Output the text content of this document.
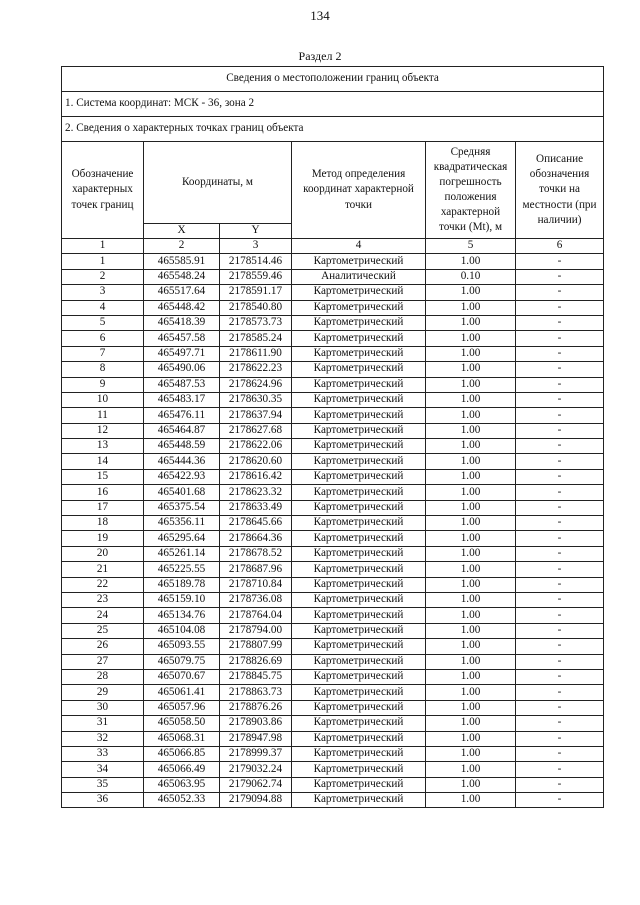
134
Раздел 2
Сведения о местоположении границ объекта					
1. Система координат: МСК - 36, зона 2					
2. Сведения о характерных точках границ объекта					
Обозначение характерных точек границ	Координаты, м		Метод определения координат характерной точки	Средняя квадратическая погрешность положения характерной точки (Mt), м	Описание обозначения точки на местности (при наличии)
	X	Y			
1	2	3	4	5	6
1	465585.91	2178514.46	Картометрический	1.00	-
2	465548.24	2178559.46	Аналитический	0.10	-
3	465517.64	2178591.17	Картометрический	1.00	-
4	465448.42	2178540.80	Картометрический	1.00	-
5	465418.39	2178573.73	Картометрический	1.00	-
6	465457.58	2178585.24	Картометрический	1.00	-
7	465497.71	2178611.90	Картометрический	1.00	-
8	465490.06	2178622.23	Картометрический	1.00	-
9	465487.53	2178624.96	Картометрический	1.00	-
10	465483.17	2178630.35	Картометрический	1.00	-
11	465476.11	2178637.94	Картометрический	1.00	-
12	465464.87	2178627.68	Картометрический	1.00	-
13	465448.59	2178622.06	Картометрический	1.00	-
14	465444.36	2178620.60	Картометрический	1.00	-
15	465422.93	2178616.42	Картометрический	1.00	-
16	465401.68	2178623.32	Картометрический	1.00	-
17	465375.54	2178633.49	Картометрический	1.00	-
18	465356.11	2178645.66	Картометрический	1.00	-
19	465295.64	2178664.36	Картометрический	1.00	-
20	465261.14	2178678.52	Картометрический	1.00	-
21	465225.55	2178687.96	Картометрический	1.00	-
22	465189.78	2178710.84	Картометрический	1.00	-
23	465159.10	2178736.08	Картометрический	1.00	-
24	465134.76	2178764.04	Картометрический	1.00	-
25	465104.08	2178794.00	Картометрический	1.00	-
26	465093.55	2178807.99	Картометрический	1.00	-
27	465079.75	2178826.69	Картометрический	1.00	-
28	465070.67	2178845.75	Картометрический	1.00	-
29	465061.41	2178863.73	Картометрический	1.00	-
30	465057.96	2178876.26	Картометрический	1.00	-
31	465058.50	2178903.86	Картометрический	1.00	-
32	465068.31	2178947.98	Картометрический	1.00	-
33	465066.85	2178999.37	Картометрический	1.00	-
34	465066.49	2179032.24	Картометрический	1.00	-
35	465063.95	2179062.74	Картометрический	1.00	-
36	465052.33	2179094.88	Картометрический	1.00	-
